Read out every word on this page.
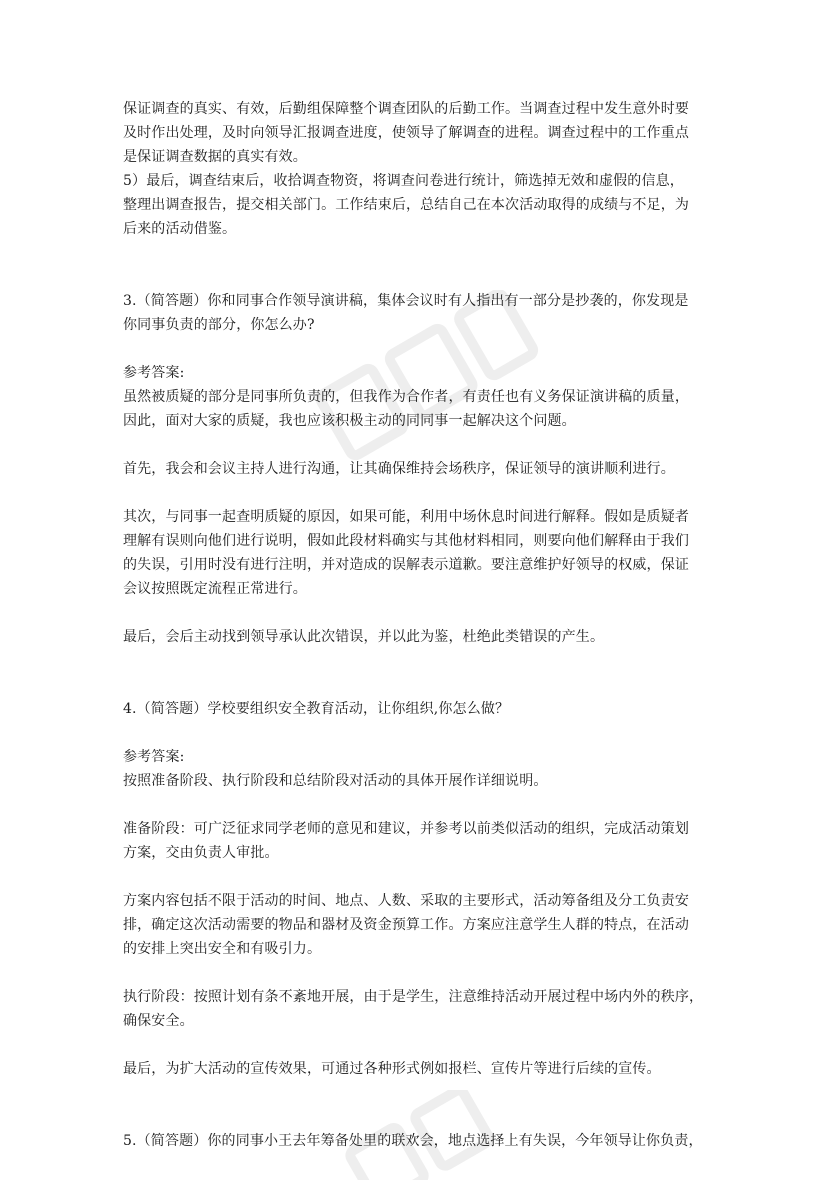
保证调查的真实、有效，后勤组保障整个调查团队的后勤工作。当调查过程中发生意外时要
及时作出处理，及时向领导汇报调查进度，使领导了解调查的进程。调查过程中的工作重点
是保证调查数据的真实有效。
5）最后，调查结束后，收拾调查物资，将调查问卷进行统计，筛选掉无效和虚假的信息，
整理出调查报告，提交相关部门。工作结束后，总结自己在本次活动取得的成绩与不足，为
后来的活动借鉴。
3.（简答题）你和同事合作领导演讲稿，集体会议时有人指出有一部分是抄袭的，你发现是
你同事负责的部分，你怎么办?
参考答案:
虽然被质疑的部分是同事所负责的，但我作为合作者，有责任也有义务保证演讲稿的质量，
因此，面对大家的质疑，我也应该积极主动的同同事一起解决这个问题。
首先，我会和会议主持人进行沟通，让其确保维持会场秩序，保证领导的演讲顺利进行。
其次，与同事一起查明质疑的原因，如果可能，利用中场休息时间进行解释。假如是质疑者
理解有误则向他们进行说明，假如此段材料确实与其他材料相同，则要向他们解释由于我们
的失误，引用时没有进行注明，并对造成的误解表示道歉。要注意维护好领导的权威，保证
会议按照既定流程正常进行。
最后，会后主动找到领导承认此次错误，并以此为鉴，杜绝此类错误的产生。
4.（简答题）学校要组织安全教育活动，让你组织,你怎么做？
参考答案:
按照准备阶段、执行阶段和总结阶段对活动的具体开展作详细说明。
准备阶段：可广泛征求同学老师的意见和建议，并参考以前类似活动的组织，完成活动策划
方案，交由负责人审批。
方案内容包括不限于活动的时间、地点、人数、采取的主要形式，活动筹备组及分工负责安
排，确定这次活动需要的物品和器材及资金预算工作。方案应注意学生人群的特点，在活动
的安排上突出安全和有吸引力。
执行阶段：按照计划有条不紊地开展，由于是学生，注意维持活动开展过程中场内外的秩序，
确保安全。
最后，为扩大活动的宣传效果，可通过各种形式例如报栏、宣传片等进行后续的宣传。
5.（简答题）你的同事小王去年筹备处里的联欢会，地点选择上有失误，今年领导让你负责，
